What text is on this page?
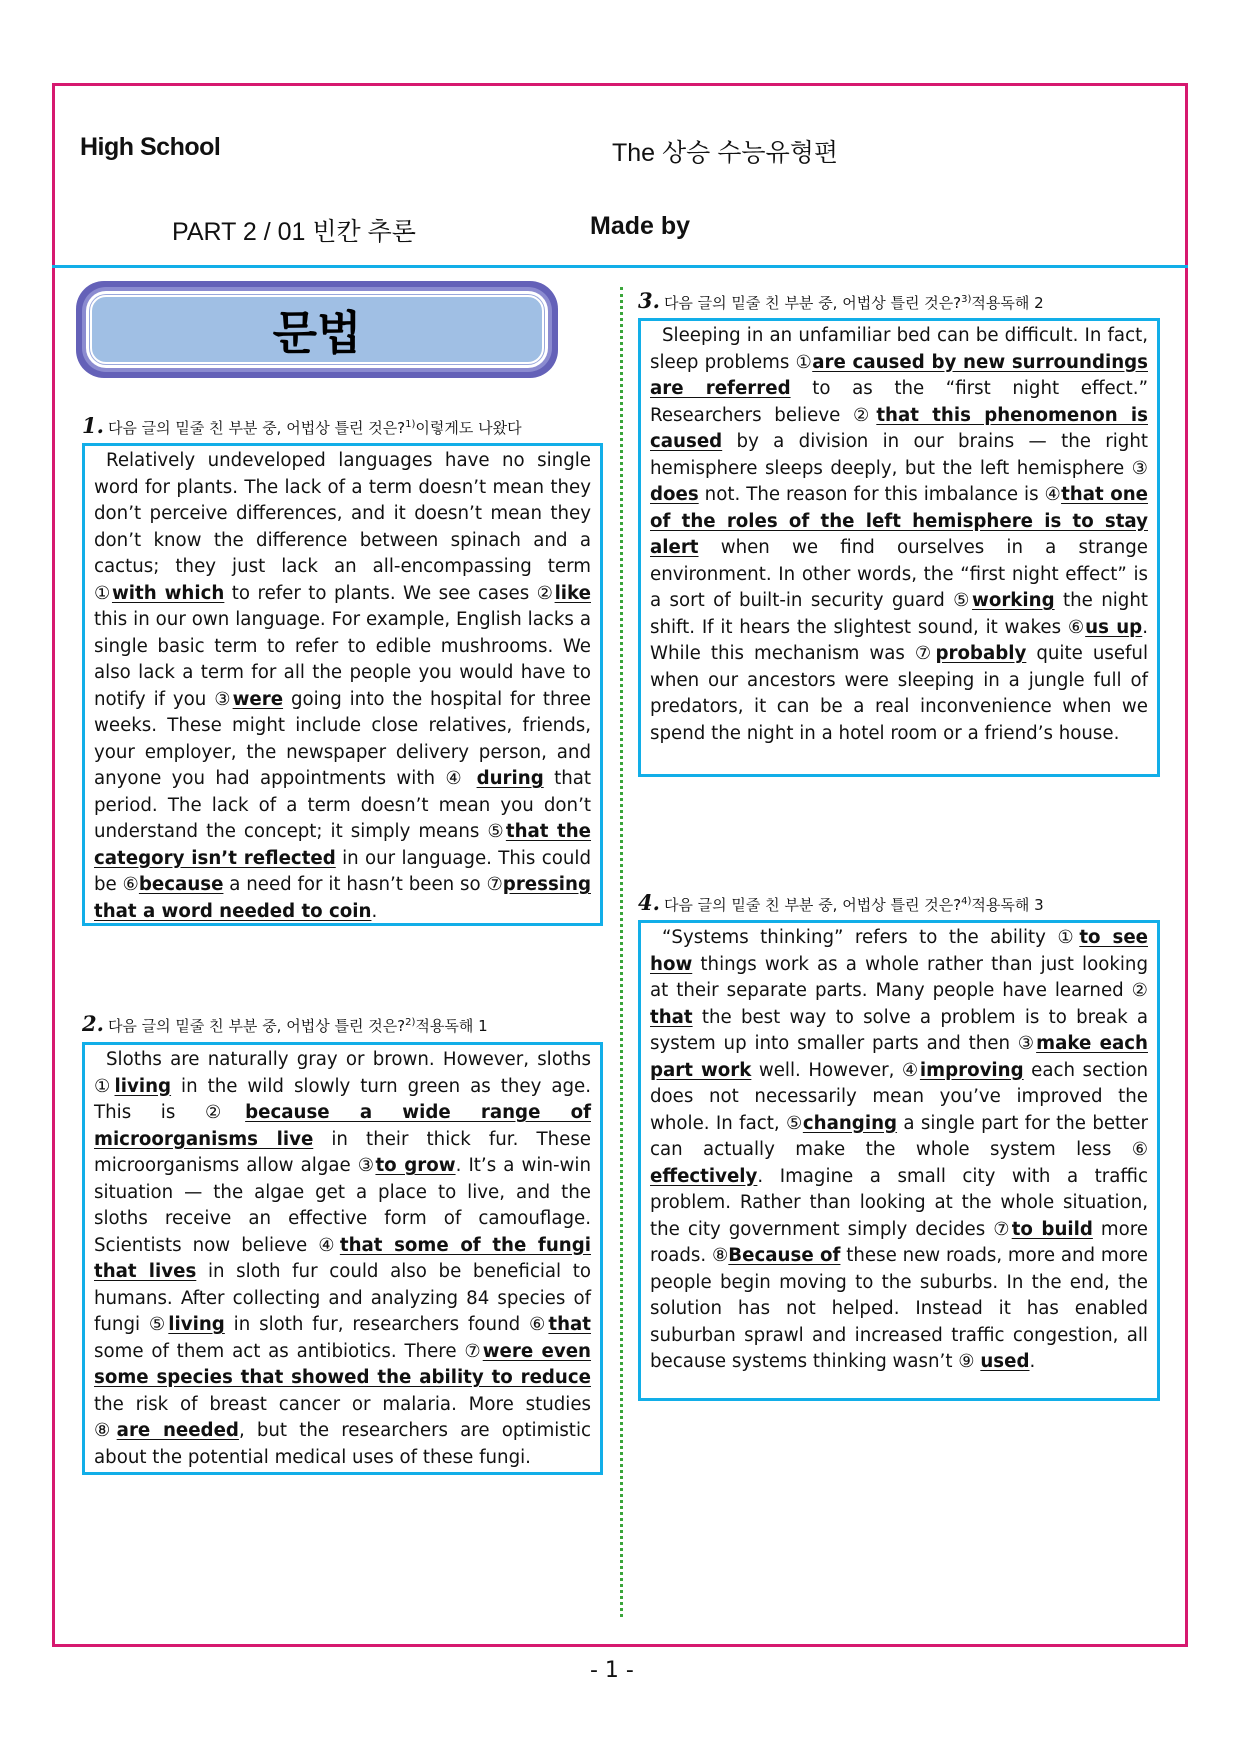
High School	The 상승 수능유형편
PART 2 / 01 빈칸 추론	Made by
문법
1. 다음 글의 밑줄 친 부분 중, 어법상 틀린 것은?$^{1)}$이렇게도 나왔다

Relatively undeveloped languages have no single word for plants. The lack of a term doesn’t mean they don’t perceive differences, and it doesn’t mean they don’t know the difference between spinach and a cactus; they just lack an all-encompassing term ①with which to refer to plants. We see cases ②like this in our own language. For example, English lacks a single basic term to refer to edible mushrooms. We also lack a term for all the people you would have to notify if you ③were going into the hospital for three weeks. These might include close relatives, friends, your employer, the newspaper delivery person, and anyone you had appointments with ④ during that period. The lack of a term doesn’t mean you don’t understand the concept; it simply means ⑤that the category isn’t reflected in our language. This could be ⑥because a need for it hasn’t been so ⑦pressing that a word needed to coin.

2. 다음 글의 밑줄 친 부분 중, 어법상 틀린 것은?$^{2)}$적용독해 1

Sloths are naturally gray or brown. However, sloths ①living in the wild slowly turn green as they age. This is ②because a wide range of microorganisms live in their thick fur. These microorganisms allow algae ③to grow. It’s a win-win situation — the algae get a place to live, and the sloths receive an effective form of camouflage. Scientists now believe ④that some of the fungi that lives in sloth fur could also be beneficial to humans. After collecting and analyzing 84 species of fungi ⑤living in sloth fur, researchers found ⑥that some of them act as antibiotics. There ⑦were even some species that showed the ability to reduce the risk of breast cancer or malaria. More studies ⑧are needed, but the researchers are optimistic about the potential medical uses of these fungi.

3. 다음 글의 밑줄 친 부분 중, 어법상 틀린 것은?$^{3)}$적용독해 2

Sleeping in an unfamiliar bed can be difficult. In fact, sleep problems ①are caused by new surroundings are referred to as the “first night effect.” Researchers believe ②that this phenomenon is caused by a division in our brains — the right hemisphere sleeps deeply, but the left hemisphere ③ does not. The reason for this imbalance is ④that one of the roles of the left hemisphere is to stay alert when we find ourselves in a strange environment. In other words, the “first night effect” is a sort of built-in security guard ⑤working the night shift. If it hears the slightest sound, it wakes ⑥us up. While this mechanism was ⑦probably quite useful when our ancestors were sleeping in a jungle full of predators, it can be a real inconvenience when we spend the night in a hotel room or a friend’s house.

4. 다음 글의 밑줄 친 부분 중, 어법상 틀린 것은?$^{4)}$적용독해 3

“Systems thinking” refers to the ability ①to see how things work as a whole rather than just looking at their separate parts. Many people have learned ② that the best way to solve a problem is to break a system up into smaller parts and then ③make each part work well. However, ④improving each section does not necessarily mean you’ve improved the whole. In fact, ⑤changing a single part for the better can actually make the whole system less ⑥ effectively. Imagine a small city with a traffic problem. Rather than looking at the whole situation, the city government simply decides ⑦to build more roads. ⑧Because of these new roads, more and more people begin moving to the suburbs. In the end, the solution has not helped. Instead it has enabled suburban sprawl and increased traffic congestion, all because systems thinking wasn’t ⑨ used.

- 1 -
